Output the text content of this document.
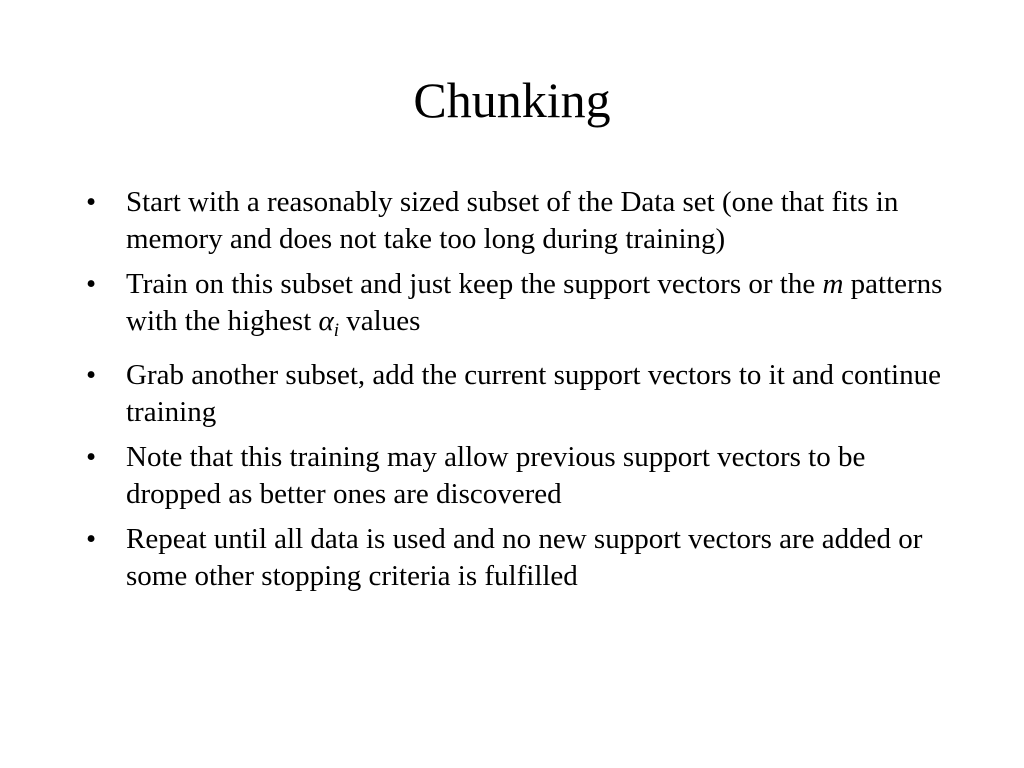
Chunking
• Start with a reasonably sized subset of the Data set (one that fits in memory and does not take too long during training)
• Train on this subset and just keep the support vectors or the m patterns with the highest $\alpha_i$ values
• Grab another subset, add the current support vectors to it and continue training
• Note that this training may allow previous support vectors to be dropped as better ones are discovered
• Repeat until all data is used and no new support vectors are added or some other stopping criteria is fulfilled
